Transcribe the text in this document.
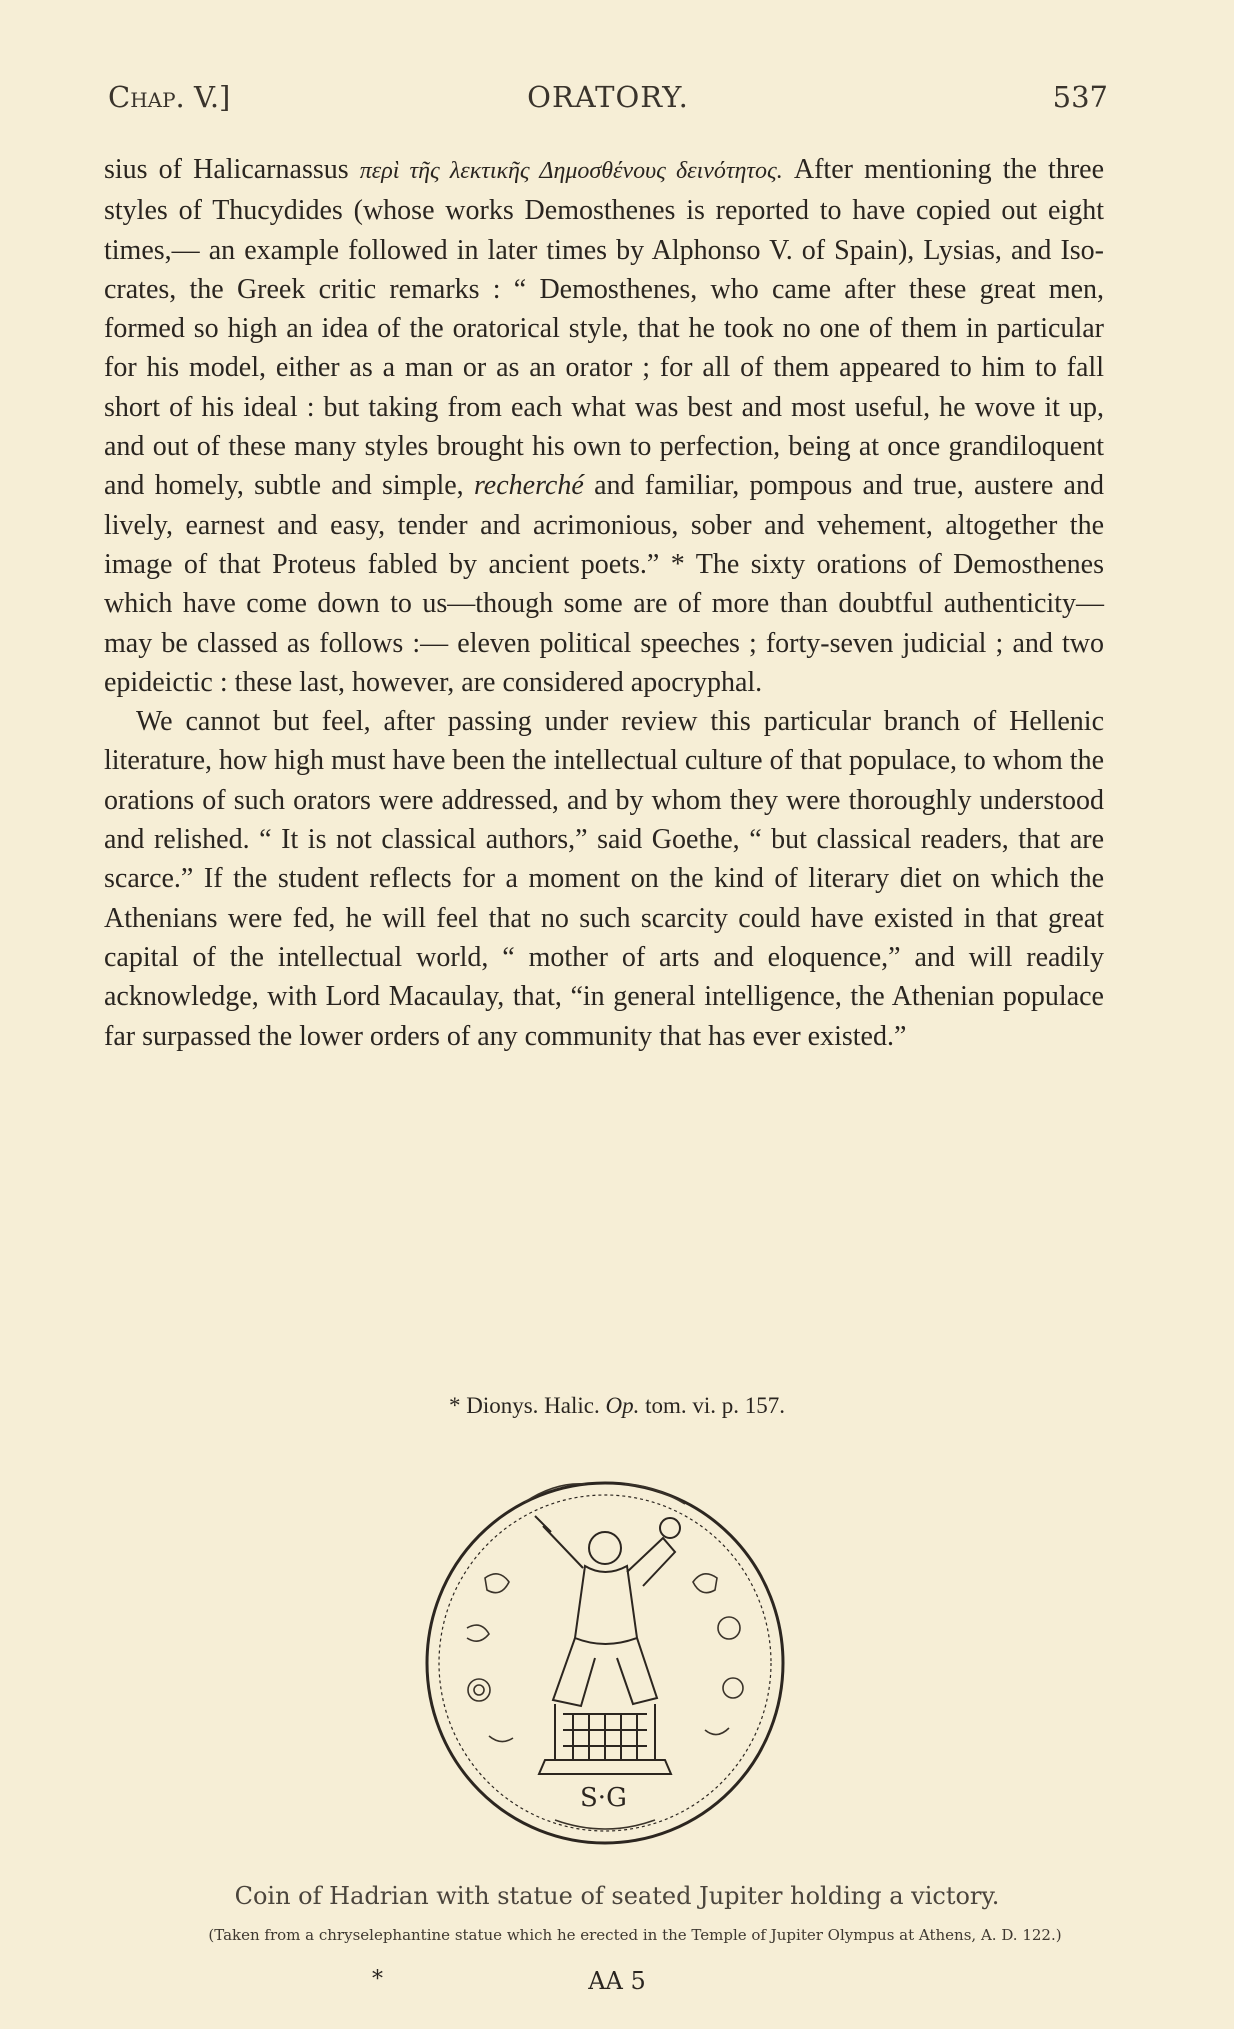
Chap. V.]	ORATORY.	537

sius of Halicarnassus περὶ τῆς λεκτικῆς Δημοσθένους δεινότητος. After mentioning the three styles of Thucydides (whose works Demosthenes is reported to have copied out eight times,— an example followed in later times by Alphonso V. of Spain), Lysias, and Isocrates, the Greek critic remarks : “ Demosthenes, who came after these great men, formed so high an idea of the oratorical style, that he took no one of them in particular for his model, either as a man or as an orator ; for all of them appeared to him to fall short of his ideal : but taking from each what was best and most useful, he wove it up, and out of these many styles brought his own to perfection, being at once grandiloquent and homely, subtle and simple, recherché and familiar, pompous and true, austere and lively, earnest and easy, tender and acrimonious, sober and vehement, altogether the image of that Proteus fabled by ancient poets.” * The sixty orations of Demosthenes which have come down to us—though some are of more than doubtful authenticity—may be classed as follows :— eleven political speeches ; forty-seven judicial ; and two epideictic : these last, however, are considered apocryphal.

We cannot but feel, after passing under review this particular branch of Hellenic literature, how high must have been the intellectual culture of that populace, to whom the orations of such orators were addressed, and by whom they were thoroughly understood and relished. “ It is not classical authors,” said Goethe, “ but classical readers, that are scarce.” If the student reflects for a moment on the kind of literary diet on which the Athenians were fed, he will feel that no such scarcity could have existed in that great capital of the intellectual world, “ mother of arts and eloquence,” and will readily acknowledge, with Lord Macaulay, that, “in general intelligence, the Athenian populace far surpassed the lower orders of any community that has ever existed.”

* Dionys. Halic. Op. tom. vi. p. 157.
S·G
Coin of Hadrian with statue of seated Jupiter holding a victory.
(Taken from a chryselephantine statue which he erected in the Temple of Jupiter Olympus at Athens, A. D. 122.)
*	AA 5
